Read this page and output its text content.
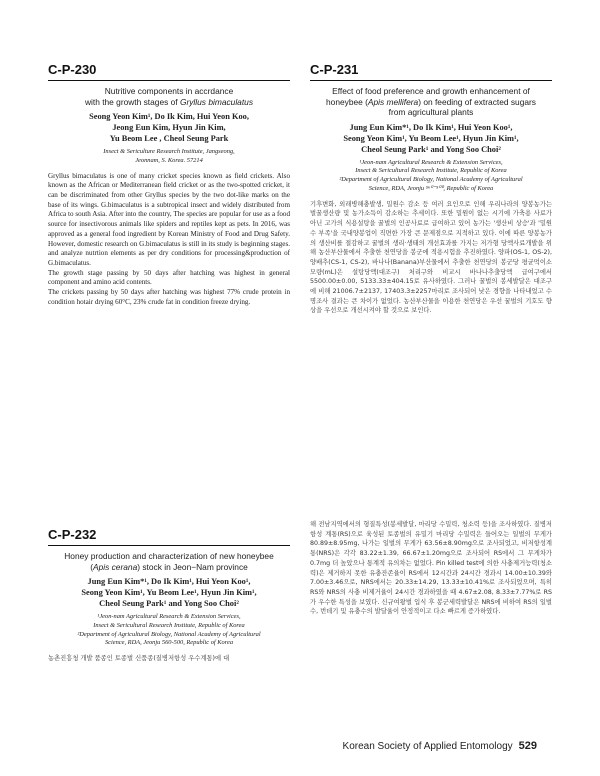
C-P-230
Nutritive components in accrdance
with the growth stages of Gryllus bimaculatus
Seong Yeon Kim¹, Do Ik Kim, Hui Yeon Koo,
Jeong Eun Kim, Hyun Jin Kim,
Yu Beom Lee , Cheol Seung Park
Insect & Sericulture Research Institute, Jangseong,
Jeonnam, S. Korea. 57214

Gryllus bimaculatus is one of many cricket species known as field crickets. Also known as the African or Mediterranean field cricket or as the two-spotted cricket, it can be discriminated from other Gryllus species by the two dot-like marks on the base of its wings. G.bimaculatus is a subtropical insect and widely distributed from Africa to south Asia. After into the country, The species are popular for use as a food source for insectivorous animals like spiders and reptiles kept as pets. In 2016, was approved as a general food ingredient by Korean Ministry of Food and Drug Safety. However, domestic research on G.bimaculatus is still in its study is beginning stages. and analyze nutrtion elements as per dry conditions for processing&production of G.bimaculatus.

The growth stage passing by 50 days after hatching was highest in general component and amino acid contents.

The crickets passing by 50 days after hatching was highest 77% crude protein in condition hotair drying 60°C, 23% crude fat in condition freeze drying.

C-P-231
Effect of food preference and growth enhancement of
honeybee (Apis mellifera) on feeding of extracted sugars
from agricultural plants
Jung Eun Kim*¹, Do Ik Kim¹, Hui Yeon Koo¹,
Seong Yeon Kim¹, Yu Beom Lee¹, Hyun Jin Kim¹,
Cheol Seung Park¹ and Yong Soo Choi²
¹Jeon-nam Agricultural Research & Extension Services,
Insect & Sericultural Research Institute, Republic of Korea
²Department of Agricultural Biology, National Academy of Agricultural
Science, RDA, Jeonju ⁵⁶⁰⁻⁵⁰⁰, Republic of Korea

기후변화, 외래병해충발생, 밀원수 감소 등 여러 요인으로 인해 우리나라의 양봉농가는 벌꿀생산량 및 농가소득이 감소하는 추세이다. 또한 밀원이 없는 시기에 가축용 사료가 아닌 고가의 식용설탕을 꿀벌의 인공사료로 급여하고 있어 농가는 '생산비 상승'과 '밀원수 부족'을 국내양봉업이 직면한 가장 큰 문제점으로 지적하고 있다. 이에 따른 양봉농가의 생산비를 절감하고 꿀벌의 생리·생태의 개선효과를 가지는 저가형 당액사료개발을 위해 농산부산물에서 추출한 천연당을 봉군에 적용시험을 추진하였다. 양파(OS-1, OS-2), 양배추(CS-1, CS-2), 바나나(Banana)부산물에서 추출한 천연당의 봉군당 평균먹이소모량(mL)은 설탕당액(대조구) 처리구와 비교시 바나나추출당액 급여구에서 5500.00±0.00, 5133.33±404.15로 유사하였다. 그러나 꿀벌의 봉세발달은 대조구에 비해 21006.7±2137, 17403.3±2257마리로 조사되어 낮은 경향을 나타내었고 수명조사 결과는 큰 차이가 없었다. 농산부산물을 이용한 천연당은 우선 꿀벌의 기호도 향상을 우선으로 개선시켜야 할 것으로 보인다.

C-P-232
Honey production and characterization of new honeybee
(Apis cerana) stock in Jeon−Nam province
Jung Eun Kim*¹, Do Ik Kim¹, Hui Yeon Koo¹,
Seong Yeon Kim¹, Yu Beom Lee¹, Hyun Jin Kim¹,
Cheol Seung Park¹ and Yong Soo Choi²
¹Jeon-nam Agricultural Research & Extension Services,
Insect & Sericultural Research Institute, Republic of Korea
²Department of Agricultural Biology, National Academy of Agricultural
Science, RDA, Jeonju 560-500, Republic of Korea

농촌진흥청 개발 품종인 토종벌 신품종(질병저항성 우수계통)에 대

해 전남지역에서의 형질특성(봉세발달, 마리당 수밀력, 청소력 등)을 조사하였다. 질병저항성 계통(RS)으로 육성된 토종벌의 유밀기 마리당 수밀력은 들어오는 일벌의 무게가 80.89±8.95mg, 나가는 일벌의 무게가 63.56±8.90mg으로 조사되었고, 비저항성계통(NRS)은 각각 83.22±1.39, 66.67±1.20mg으로 조사되어 RS에서 그 무게차가 0.7mg 더 높았으나 통계적 유의차는 없었다. Pin killed test에 의한 사충제거능력(청소력)은 제거하지 못한 유충잔존율이 RS에서 12시간과 24시간 경과시 14.00±10.39와 7.00±3.46으로, NRS에서는 20.33±14.29, 13.33±10.41%로 조사되었으며, 특히 RS와 NRS의 사충 비제거율이 24시간 경과하였을 때 4.67±2.08, 8.33±7.77%로 RS가 우수한 특성을 보였다. 신규여왕벌 입식 후 봉군세력발달은 NRS에 비하여 RS의 일벌수, 번데기 및 유충수의 발달율이 안정적이고 다소 빠르게 증가하였다.

Korean Society of Applied Entomology 529
